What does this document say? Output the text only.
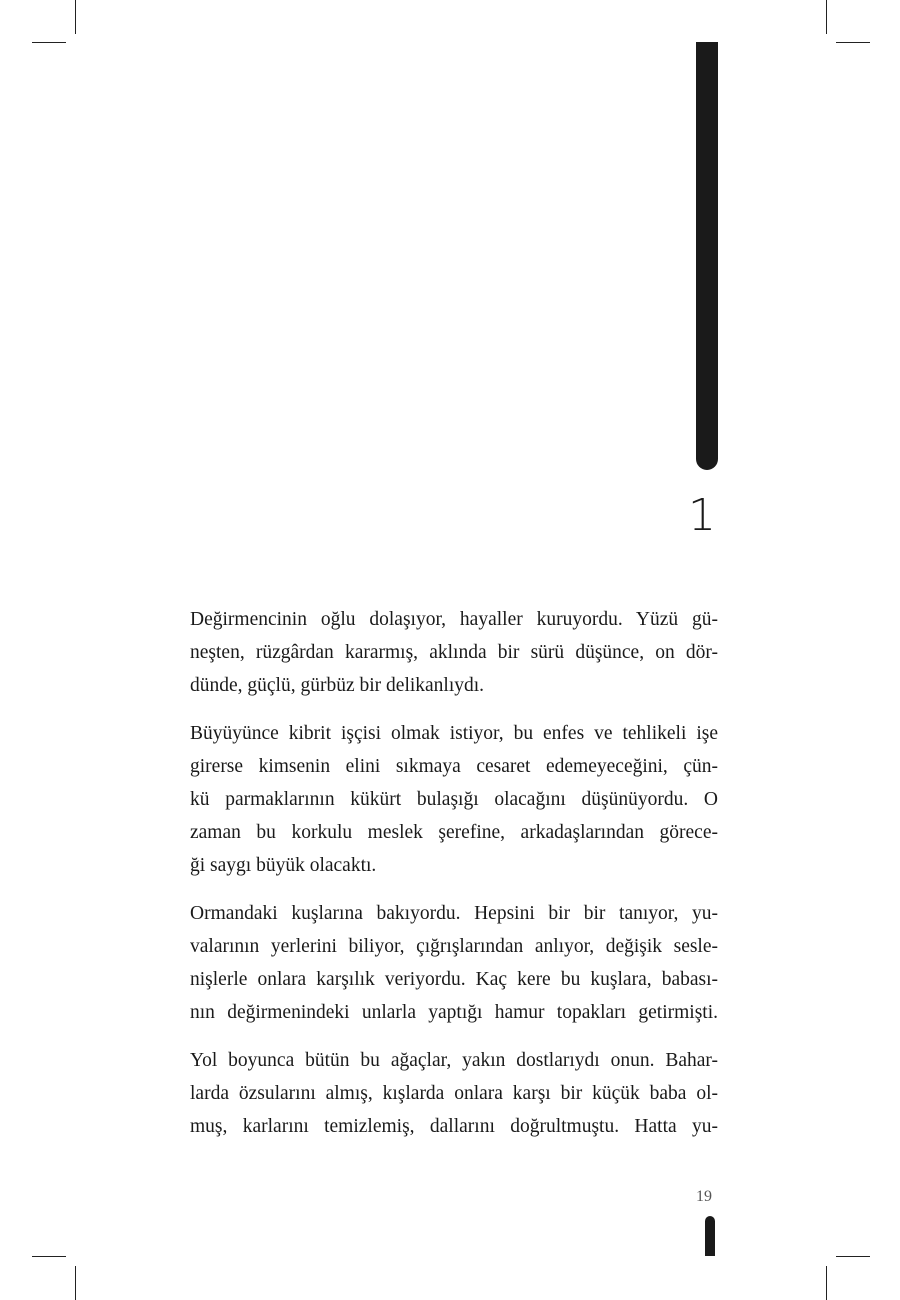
1
Değirmencinin oğlu dolaşıyor, hayaller kuruyordu. Yüzü gü-
neşten, rüzgârdan kararmış, aklında bir sürü düşünce, on dör-
dünde, güçlü, gürbüz bir delikanlıydı.
Büyüyünce kibrit işçisi olmak istiyor, bu enfes ve tehlikeli işe
girerse kimsenin elini sıkmaya cesaret edemeyeceğini, çün-
kü parmaklarının kükürt bulaşığı olacağını düşünüyordu. O
zaman bu korkulu meslek şerefine, arkadaşlarından görece-
ği saygı büyük olacaktı.
Ormandaki kuşlarına bakıyordu. Hepsini bir bir tanıyor, yu-
valarının yerlerini biliyor, çığrışlarından anlıyor, değişik sesle-
nişlerle onlara karşılık veriyordu. Kaç kere bu kuşlara, babası-
nın değirmenindeki unlarla yaptığı hamur topakları getirmişti.
Yol boyunca bütün bu ağaçlar, yakın dostlarıydı onun. Bahar-
larda özsularını almış, kışlarda onlara karşı bir küçük baba ol-
muş, karlarını temizlemiş, dallarını doğrultmuştu. Hatta yu-
19
